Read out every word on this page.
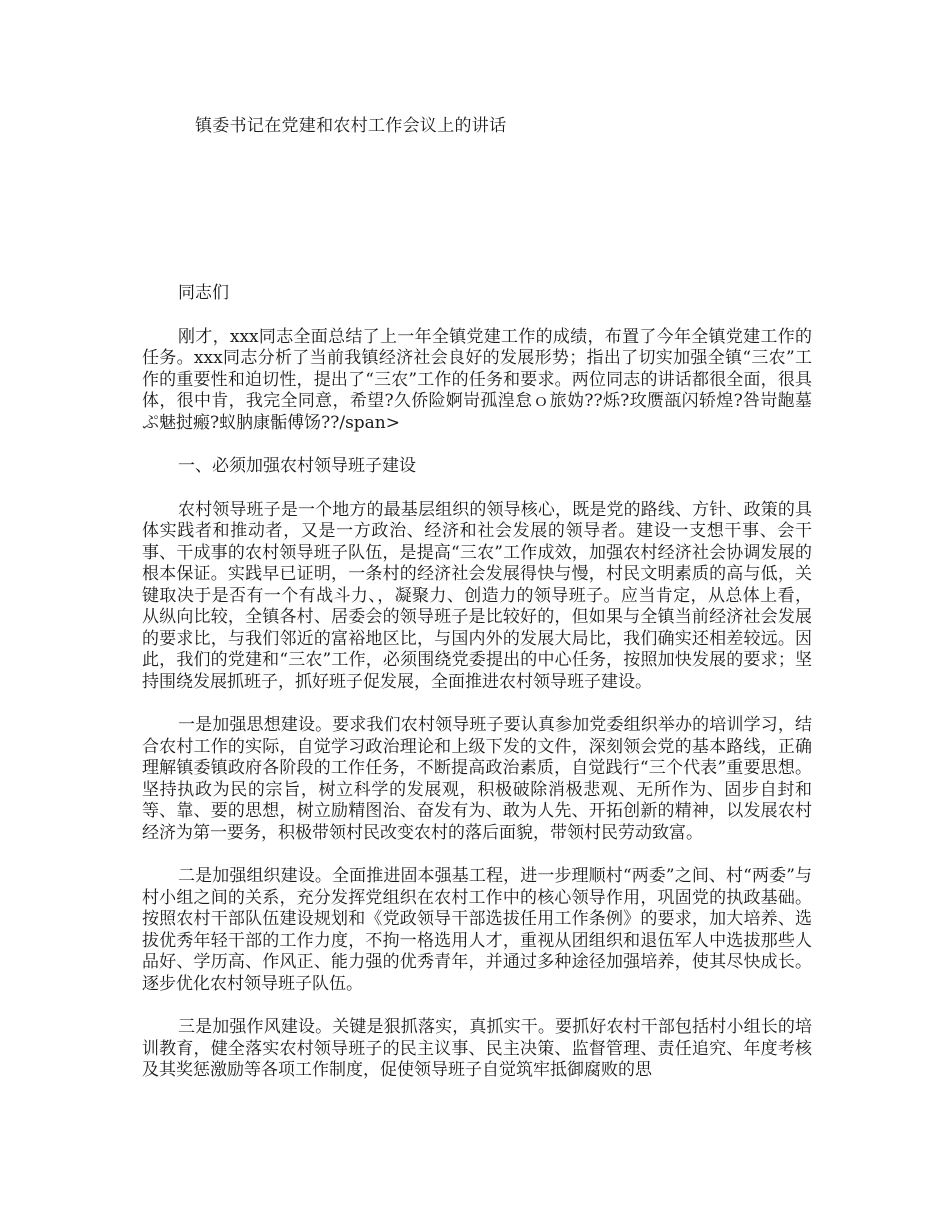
镇委书记在党建和农村工作会议上的讲话

同志们

刚才，xxx同志全面总结了上一年全镇党建工作的成绩，布置了今年全镇党建工作的任务。xxx同志分析了当前我镇经济社会良好的发展形势；指出了切实加强全镇“三农”工作的重要性和迫切性，提出了“三农”工作的任务和要求。两位同志的讲话都很全面，很具体，很中肯，我完全同意，希望?久侨险婀岢孤湟怠ｏ旅妫??烁?玫赝瓿闪轿煌?咎岢龅墓ぷ魅挝瘢?蚁肭康骺傅饧??/span>

一、必须加强农村领导班子建设

农村领导班子是一个地方的最基层组织的领导核心，既是党的路线、方针、政策的具体实践者和推动者，又是一方政治、经济和社会发展的领导者。建设一支想干事、会干事、干成事的农村领导班子队伍，是提高“三农”工作成效，加强农村经济社会协调发展的根本保证。实践早已证明，一条村的经济社会发展得快与慢，村民文明素质的高与低，关键取决于是否有一个有战斗力、，凝聚力、创造力的领导班子。应当肯定，从总体上看，从纵向比较，全镇各村、居委会的领导班子是比较好的，但如果与全镇当前经济社会发展的要求比，与我们邻近的富裕地区比，与国内外的发展大局比，我们确实还相差较远。因此，我们的党建和“三农”工作，必须围绕党委提出的中心任务，按照加快发展的要求；坚持围绕发展抓班子，抓好班子促发展，全面推进农村领导班子建设。

一是加强思想建设。要求我们农村领导班子要认真参加党委组织举办的培训学习，结合农村工作的实际，自觉学习政治理论和上级下发的文件，深刻领会党的基本路线，正确理解镇委镇政府各阶段的工作任务，不断提高政治素质，自觉践行“三个代表”重要思想。坚持执政为民的宗旨，树立科学的发展观，积极破除消极悲观、无所作为、固步自封和等、靠、要的思想，树立励精图治、奋发有为、敢为人先、开拓创新的精神，以发展农村经济为第一要务，积极带领村民改变农村的落后面貌，带领村民劳动致富。

二是加强组织建设。全面推进固本强基工程，进一步理顺村“两委”之间、村“两委”与村小组之间的关系，充分发挥党组织在农村工作中的核心领导作用，巩固党的执政基础。按照农村干部队伍建设规划和《党政领导干部选拔任用工作条例》的要求，加大培养、选拔优秀年轻干部的工作力度，不拘一格选用人才，重视从团组织和退伍军人中选拔那些人品好、学历高、作风正、能力强的优秀青年，并通过多种途径加强培养，使其尽快成长。逐步优化农村领导班子队伍。

三是加强作风建设。关键是狠抓落实，真抓实干。要抓好农村干部包括村小组长的培训教育，健全落实农村领导班子的民主议事、民主决策、监督管理、责任追究、年度考核及其奖惩激励等各项工作制度，促使领导班子自觉筑牢抵御腐败的思
